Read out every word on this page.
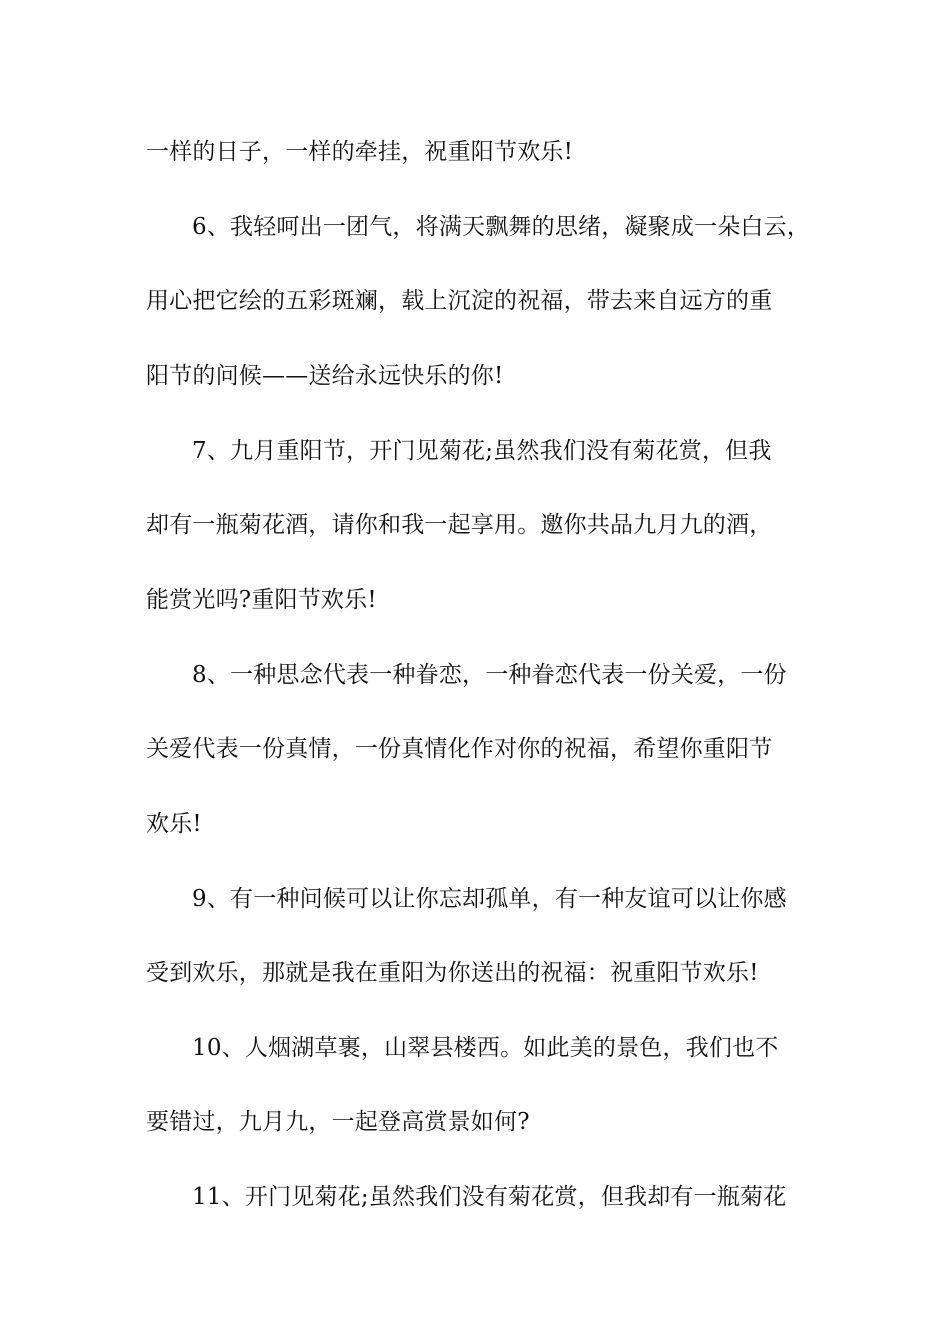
一样的日子，一样的牵挂，祝重阳节欢乐!
6、我轻呵出一团气，将满天飘舞的思绪，凝聚成一朵白云，
用心把它绘的五彩斑斓，载上沉淀的祝福，带去来自远方的重
阳节的问候——送给永远快乐的你!
7、九月重阳节，开门见菊花;虽然我们没有菊花赏，但我
却有一瓶菊花酒，请你和我一起享用。邀你共品九月九的酒，
能赏光吗?重阳节欢乐!
8、一种思念代表一种眷恋，一种眷恋代表一份关爱，一份
关爱代表一份真情，一份真情化作对你的祝福，希望你重阳节
欢乐!
9、有一种问候可以让你忘却孤单，有一种友谊可以让你感
受到欢乐，那就是我在重阳为你送出的祝福：祝重阳节欢乐!
10、人烟湖草裹，山翠县楼西。如此美的景色，我们也不
要错过，九月九，一起登高赏景如何?
11、开门见菊花;虽然我们没有菊花赏，但我却有一瓶菊花
